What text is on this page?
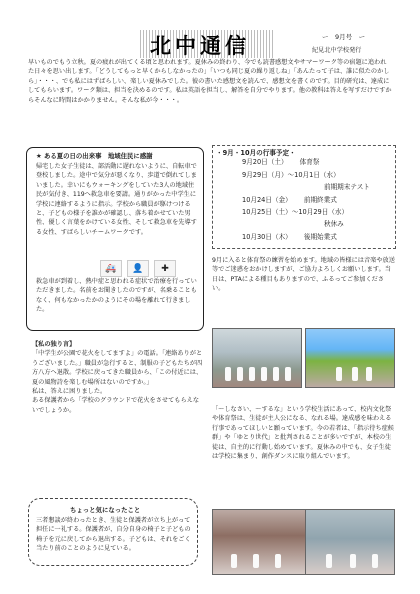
北中通信	ー　9月号　ー
紀見北中学校発行
早いものでもう立秋。夏の疲れが出てくる頃と思われます。夏休みの終わり、今でも読書感想文やサマーワーク等の宿題に追われた日々を思い出します。「どうしてもっと早くからしなかったの」「いつも同じ夏の繰り返しね」「あんたって子は、誰に似たのかしら」・・・、でも私にはずばらしい、楽しい夏休みでした。彼の書いた感想文を読んで、感想文を書くのです。目的研究は、達成にしてもらいます。ワーク類は、担当を決めるのです。私は英語を担当し、解答を自分でやります。他の教科は答えを写すだけですからそんなに時間はかかりません。そんな私が今・・・。
★ ある夏の日の出来事　地域住民に感謝
帰宅した女子生徒は、部活動に遅れないように、自転車で登校しました。途中で気分が悪くなり、歩道で倒れてしまいました。幸いにもウォーキングをしていた3人の地域住民が気付き、119へ救急車を要請。通りがかった中学生に学校に連絡するように指示。学校から職員が駆けつけると、子どもの様子を誰かが確認し、落ち着かせていた男性、優しく言葉をかけている女性、そして救急車を先導する女性、すばらしいチームワークです。
🚑	👤	✚
救急車が到着し、熱中症と思われる症状で治療を行っていただきました。名前をお聞きしたのですが、名乗ることもなく、何もなかったかのようにその場を離れて行きました。
【私の独り言】
「中学生が公園で花火をしてますよ」の電話。「連絡ありがとうございました。」職員が急行すると、制服の子どもたちが四方八方へ退散。学校に戻ってきた職員から、「この付近には、夏の風物詩を楽しむ場所はないのですか。」
私は、答えに困りました。
ある保護者から「学校のグラウンドで花火をさせてもらえないでしょうか。
ちょっと気になったこと
三者懇談が終わったとき、生徒と保護者が立ち上がって担任に一礼する。保護者が、自分自身の椅子と子どもの椅子を元に戻してから退出する。子どもは、それをごく当たり前のことのように見ている。
・9月・10月の行事予定・
9月20日（土） 体育祭
9月29日（月）～10月1日（水）
前期期末テスト
10月24日（金） 前期終業式
10月25日（土）～10月29日（水）
秋休み
10月30日（木） 後期始業式
9月に入ると体育祭の練習を始めます。地域の皆様には音楽や放送等でご迷惑をおかけしますが、ご協力よろしくお願いします。当日は、PTAによる種目もありますので、ふるってご参加ください。
「～しなさい、～するな」という学校生活にあって、校内文化祭や体育祭は、生徒が主人公になる、なれる場。達成感を味わえる行事であってほしいと願っています。今の若者は、「指示待ち症候群」や「ゆとり世代」と批判されることが多いですが、本校の生徒は、自主的に行動し始めています。夏休みの中でも、女子生徒は学校に集まり、創作ダンスに取り組んでいます。
